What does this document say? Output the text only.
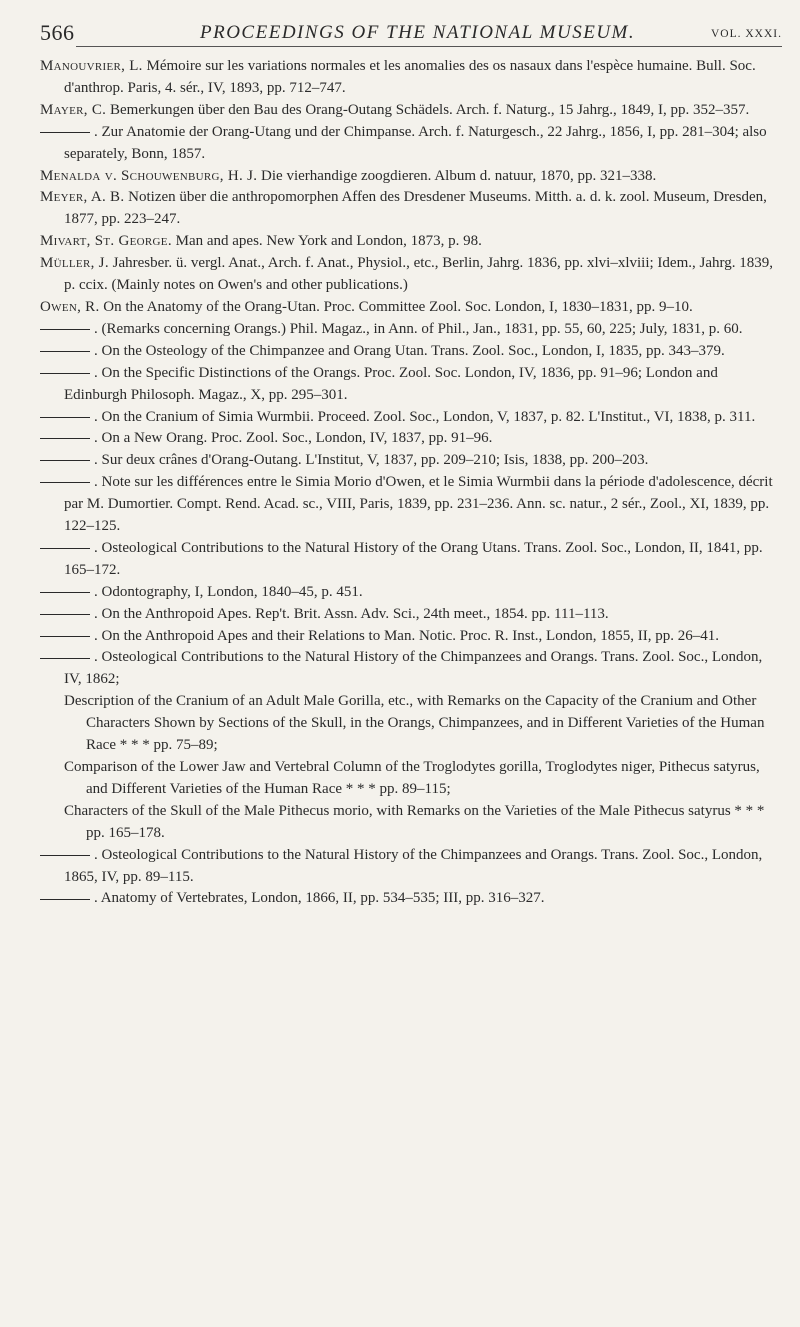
566	PROCEEDINGS OF THE NATIONAL MUSEUM.	VOL. XXXI.
Manouvrier, L. Mémoire sur les variations normales et les anomalies des os nasaux dans l'espèce humaine. Bull. Soc. d'anthrop. Paris, 4. sér., IV, 1893, pp. 712–747.
Mayer, C. Bemerkungen über den Bau des Orang-Outang Schädels. Arch. f. Naturg., 15 Jahrg., 1849, I, pp. 352–357.
. Zur Anatomie der Orang-Utang und der Chimpanse. Arch. f. Naturgesch., 22 Jahrg., 1856, I, pp. 281–304; also separately, Bonn, 1857.
Menalda v. Schouwenburg, H. J. Die vierhandige zoogdieren. Album d. natuur, 1870, pp. 321–338.
Meyer, A. B. Notizen über die anthropomorphen Affen des Dresdener Museums. Mitth. a. d. k. zool. Museum, Dresden, 1877, pp. 223–247.
Mivart, St. George. Man and apes. New York and London, 1873, p. 98.
Müller, J. Jahresber. ü. vergl. Anat., Arch. f. Anat., Physiol., etc., Berlin, Jahrg. 1836, pp. xlvi–xlviii; Idem., Jahrg. 1839, p. ccix. (Mainly notes on Owen's and other publications.)
Owen, R. On the Anatomy of the Orang-Utan. Proc. Committee Zool. Soc. London, I, 1830–1831, pp. 9–10.
. (Remarks concerning Orangs.) Phil. Magaz., in Ann. of Phil., Jan., 1831, pp. 55, 60, 225; July, 1831, p. 60.
. On the Osteology of the Chimpanzee and Orang Utan. Trans. Zool. Soc., London, I, 1835, pp. 343–379.
. On the Specific Distinctions of the Orangs. Proc. Zool. Soc. London, IV, 1836, pp. 91–96; London and Edinburgh Philosoph. Magaz., X, pp. 295–301.
. On the Cranium of Simia Wurmbii. Proceed. Zool. Soc., London, V, 1837, p. 82. L'Institut., VI, 1838, p. 311.
. On a New Orang. Proc. Zool. Soc., London, IV, 1837, pp. 91–96.
. Sur deux crânes d'Orang-Outang. L'Institut, V, 1837, pp. 209–210; Isis, 1838, pp. 200–203.
. Note sur les différences entre le Simia Morio d'Owen, et le Simia Wurmbii dans la période d'adolescence, décrit par M. Dumortier. Compt. Rend. Acad. sc., VIII, Paris, 1839, pp. 231–236. Ann. sc. natur., 2 sér., Zool., XI, 1839, pp. 122–125.
. Osteological Contributions to the Natural History of the Orang Utans. Trans. Zool. Soc., London, II, 1841, pp. 165–172.
. Odontography, I, London, 1840–45, p. 451.
. On the Anthropoid Apes. Rep't. Brit. Assn. Adv. Sci., 24th meet., 1854. pp. 111–113.
. On the Anthropoid Apes and their Relations to Man. Notic. Proc. R. Inst., London, 1855, II, pp. 26–41.
. Osteological Contributions to the Natural History of the Chimpanzees and Orangs. Trans. Zool. Soc., London, IV, 1862;
Description of the Cranium of an Adult Male Gorilla, etc., with Remarks on the Capacity of the Cranium and Other Characters Shown by Sections of the Skull, in the Orangs, Chimpanzees, and in Different Varieties of the Human Race * * * pp. 75–89;
Comparison of the Lower Jaw and Vertebral Column of the Troglodytes gorilla, Troglodytes niger, Pithecus satyrus, and Different Varieties of the Human Race * * * pp. 89–115;
Characters of the Skull of the Male Pithecus morio, with Remarks on the Varieties of the Male Pithecus satyrus * * * pp. 165–178.
. Osteological Contributions to the Natural History of the Chimpanzees and Orangs. Trans. Zool. Soc., London, 1865, IV, pp. 89–115.
. Anatomy of Vertebrates, London, 1866, II, pp. 534–535; III, pp. 316–327.
